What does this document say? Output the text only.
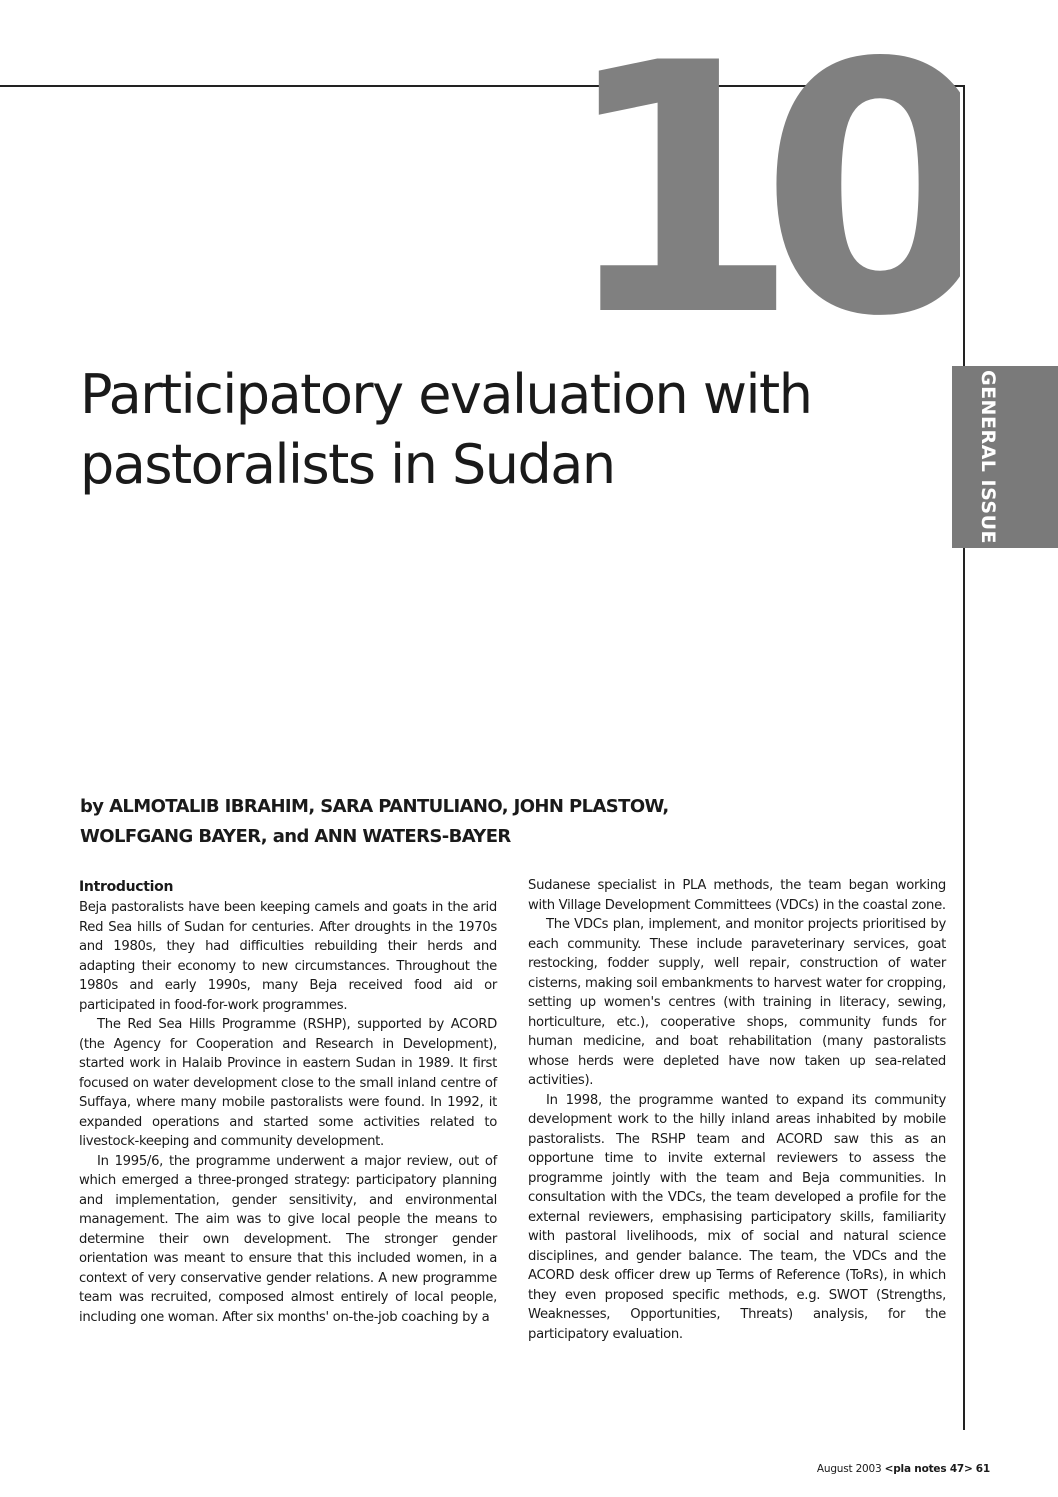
10
GENERAL ISSUE
Participatory evaluation with
pastoralists in Sudan
by ALMOTALIB IBRAHIM, SARA PANTULIANO, JOHN PLASTOW,
WOLFGANG BAYER, and ANN WATERS-BAYER
Introduction

Beja pastoralists have been keeping camels and goats in the arid Red Sea hills of Sudan for centuries. After droughts in the 1970s and 1980s, they had difficulties rebuilding their herds and adapting their economy to new circumstances. Throughout the 1980s and early 1990s, many Beja received food aid or participated in food-for-work programmes.

The Red Sea Hills Programme (RSHP), supported by ACORD (the Agency for Cooperation and Research in Development), started work in Halaib Province in eastern Sudan in 1989. It first focused on water development close to the small inland centre of Suffaya, where many mobile pastoralists were found. In 1992, it expanded operations and started some activities related to livestock-keeping and community development.

In 1995/6, the programme underwent a major review, out of which emerged a three-pronged strategy: participatory planning and implementation, gender sensitivity, and environmental management. The aim was to give local people the means to determine their own development. The stronger gender orientation was meant to ensure that this included women, in a context of very conservative gender relations. A new programme team was recruited, composed almost entirely of local people, including one woman. After six months' on-the-job coaching by a

Sudanese specialist in PLA methods, the team began working with Village Development Committees (VDCs) in the coastal zone.

The VDCs plan, implement, and monitor projects prioritised by each community. These include paraveterinary services, goat restocking, fodder supply, well repair, construction of water cisterns, making soil embankments to harvest water for cropping, setting up women's centres (with training in literacy, sewing, horticulture, etc.), cooperative shops, community funds for human medicine, and boat rehabilitation (many pastoralists whose herds were depleted have now taken up sea-related activities).

In 1998, the programme wanted to expand its community development work to the hilly inland areas inhabited by mobile pastoralists. The RSHP team and ACORD saw this as an opportune time to invite external reviewers to assess the programme jointly with the team and Beja communities. In consultation with the VDCs, the team developed a profile for the external reviewers, emphasising participatory skills, familiarity with pastoral livelihoods, mix of social and natural science disciplines, and gender balance. The team, the VDCs and the ACORD desk officer drew up Terms of Reference (ToRs), in which they even proposed specific methods, e.g. SWOT (Strengths, Weaknesses, Opportunities, Threats) analysis, for the participatory evaluation.

August 2003 <pla notes 47> 61
